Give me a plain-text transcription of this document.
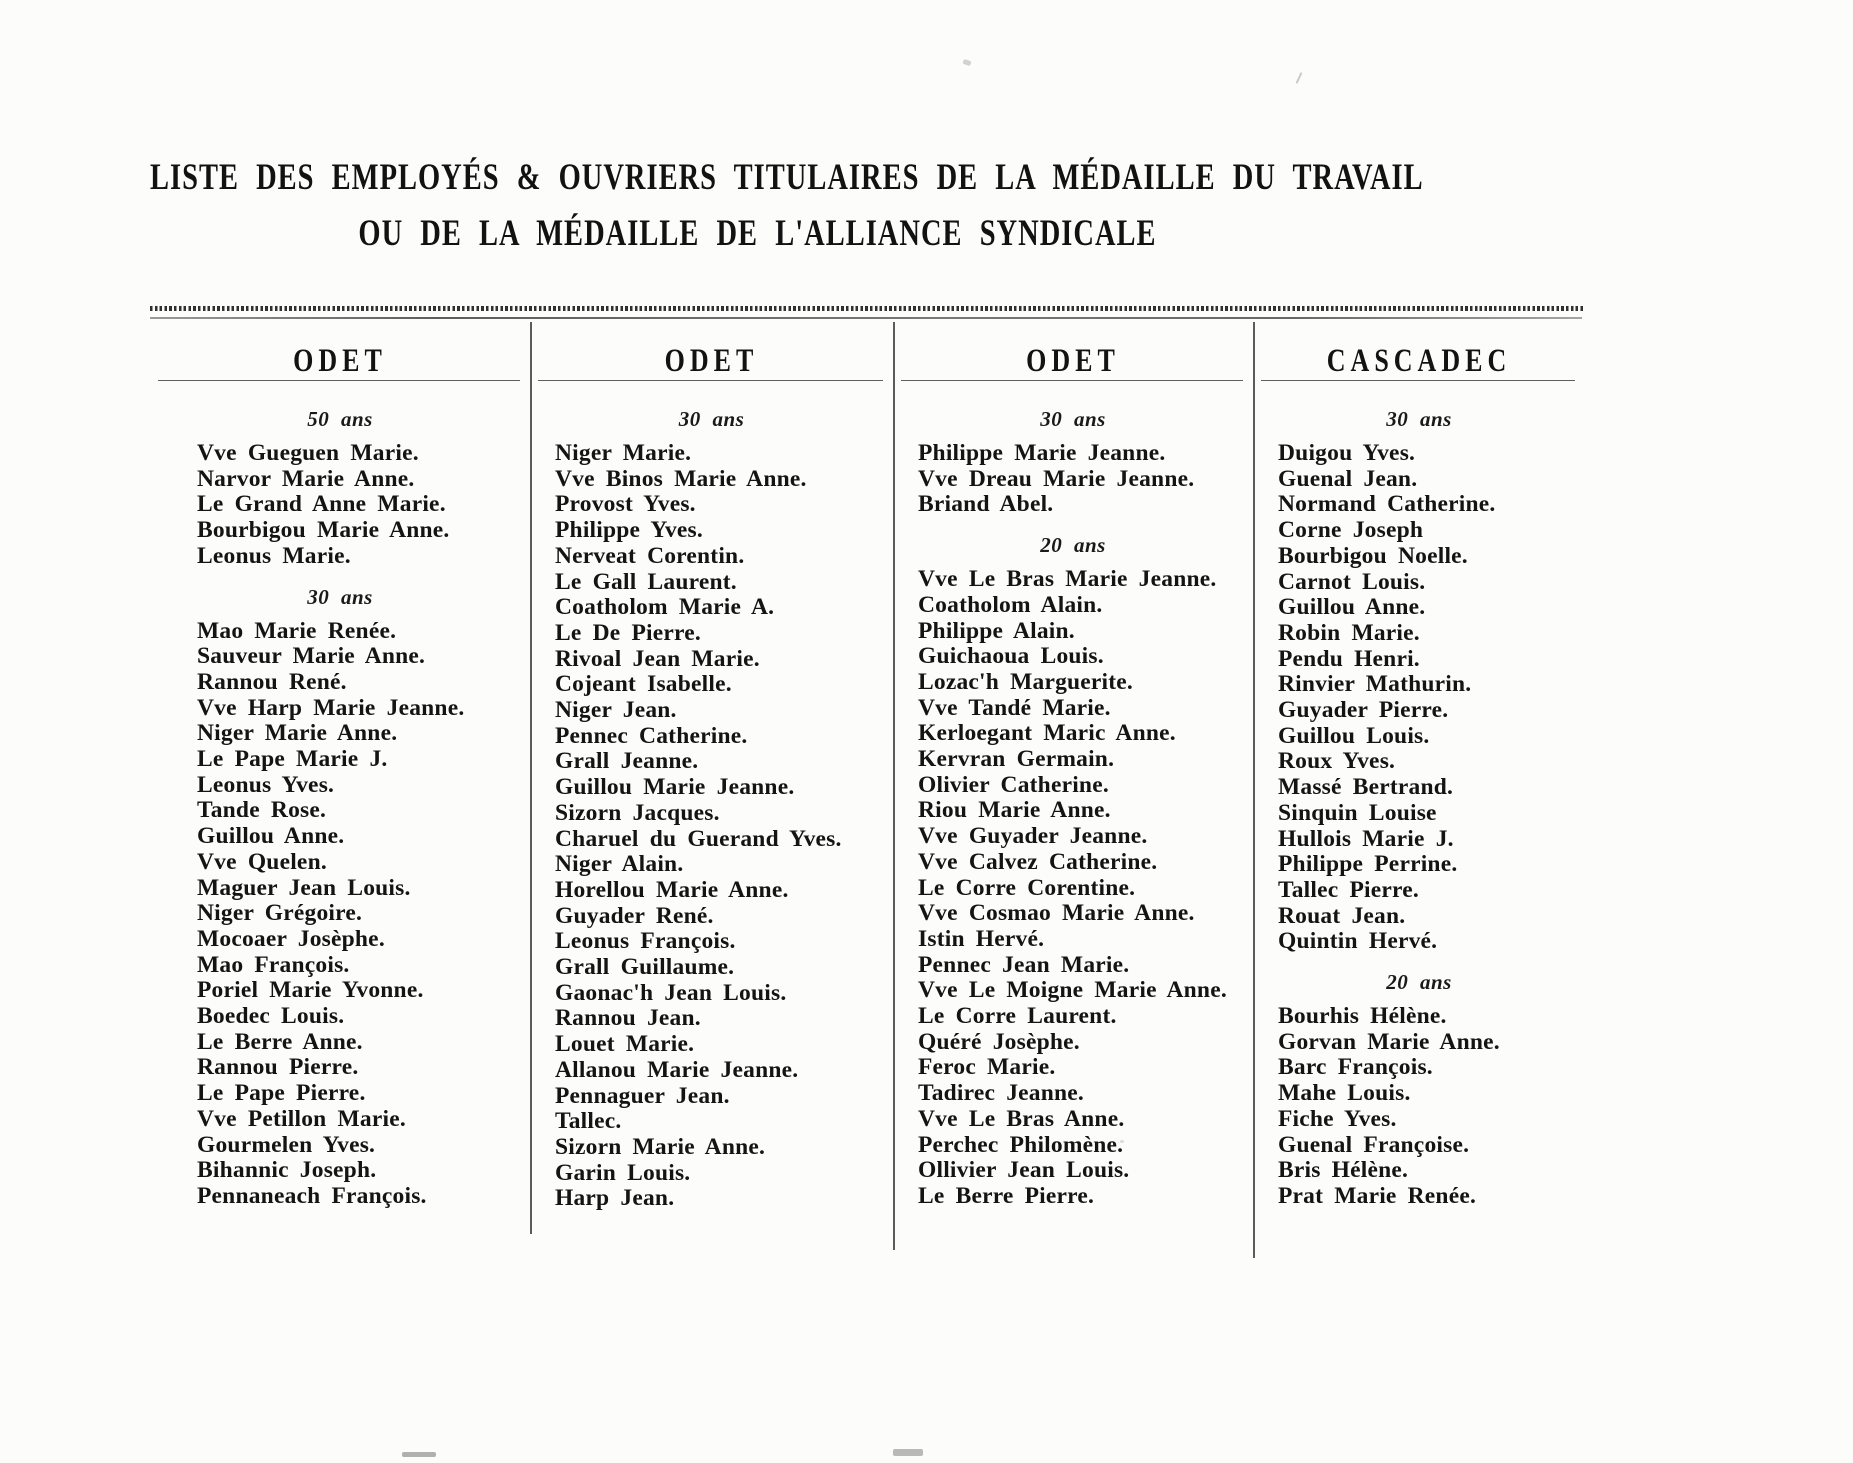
LISTE DES EMPLOYÉS & OUVRIERS TITULAIRES DE LA MÉDAILLE DU TRAVAIL
OU DE LA MÉDAILLE DE L'ALLIANCE SYNDICALE
ODET
50 ans
Vve Gueguen Marie.
Narvor Marie Anne.
Le Grand Anne Marie.
Bourbigou Marie Anne.
Leonus Marie.
30 ans
Mao Marie Renée.
Sauveur Marie Anne.
Rannou René.
Vve Harp Marie Jeanne.
Niger Marie Anne.
Le Pape Marie J.
Leonus Yves.
Tande Rose.
Guillou Anne.
Vve Quelen.
Maguer Jean Louis.
Niger Grégoire.
Mocoaer Josèphe.
Mao François.
Poriel Marie Yvonne.
Boedec Louis.
Le Berre Anne.
Rannou Pierre.
Le Pape Pierre.
Vve Petillon Marie.
Gourmelen Yves.
Bihannic Joseph.
Pennaneach François.
ODET
30 ans
Niger Marie.
Vve Binos Marie Anne.
Provost Yves.
Philippe Yves.
Nerveat Corentin.
Le Gall Laurent.
Coatholom Marie A.
Le De Pierre.
Rivoal Jean Marie.
Cojeant Isabelle.
Niger Jean.
Pennec Catherine.
Grall Jeanne.
Guillou Marie Jeanne.
Sizorn Jacques.
Charuel du Guerand Yves.
Niger Alain.
Horellou Marie Anne.
Guyader René.
Leonus François.
Grall Guillaume.
Gaonac'h Jean Louis.
Rannou Jean.
Louet Marie.
Allanou Marie Jeanne.
Pennaguer Jean.
Tallec.
Sizorn Marie Anne.
Garin Louis.
Harp Jean.
ODET
30 ans
Philippe Marie Jeanne.
Vve Dreau Marie Jeanne.
Briand Abel.
20 ans
Vve Le Bras Marie Jeanne.
Coatholom Alain.
Philippe Alain.
Guichaoua Louis.
Lozac'h Marguerite.
Vve Tandé Marie.
Kerloegant Maric Anne.
Kervran Germain.
Olivier Catherine.
Riou Marie Anne.
Vve Guyader Jeanne.
Vve Calvez Catherine.
Le Corre Corentine.
Vve Cosmao Marie Anne.
Istin Hervé.
Pennec Jean Marie.
Vve Le Moigne Marie Anne.
Le Corre Laurent.
Quéré Josèphe.
Feroc Marie.
Tadirec Jeanne.
Vve Le Bras Anne.
Perchec Philomène.
Ollivier Jean Louis.
Le Berre Pierre.
CASCADEC
30 ans
Duigou Yves.
Guenal Jean.
Normand Catherine.
Corne Joseph
Bourbigou Noelle.
Carnot Louis.
Guillou Anne.
Robin Marie.
Pendu Henri.
Rinvier Mathurin.
Guyader Pierre.
Guillou Louis.
Roux Yves.
Massé Bertrand.
Sinquin Louise
Hullois Marie J.
Philippe Perrine.
Tallec Pierre.
Rouat Jean.
Quintin Hervé.
20 ans
Bourhis Hélène.
Gorvan Marie Anne.
Barc François.
Mahe Louis.
Fiche Yves.
Guenal Françoise.
Bris Hélène.
Prat Marie Renée.
